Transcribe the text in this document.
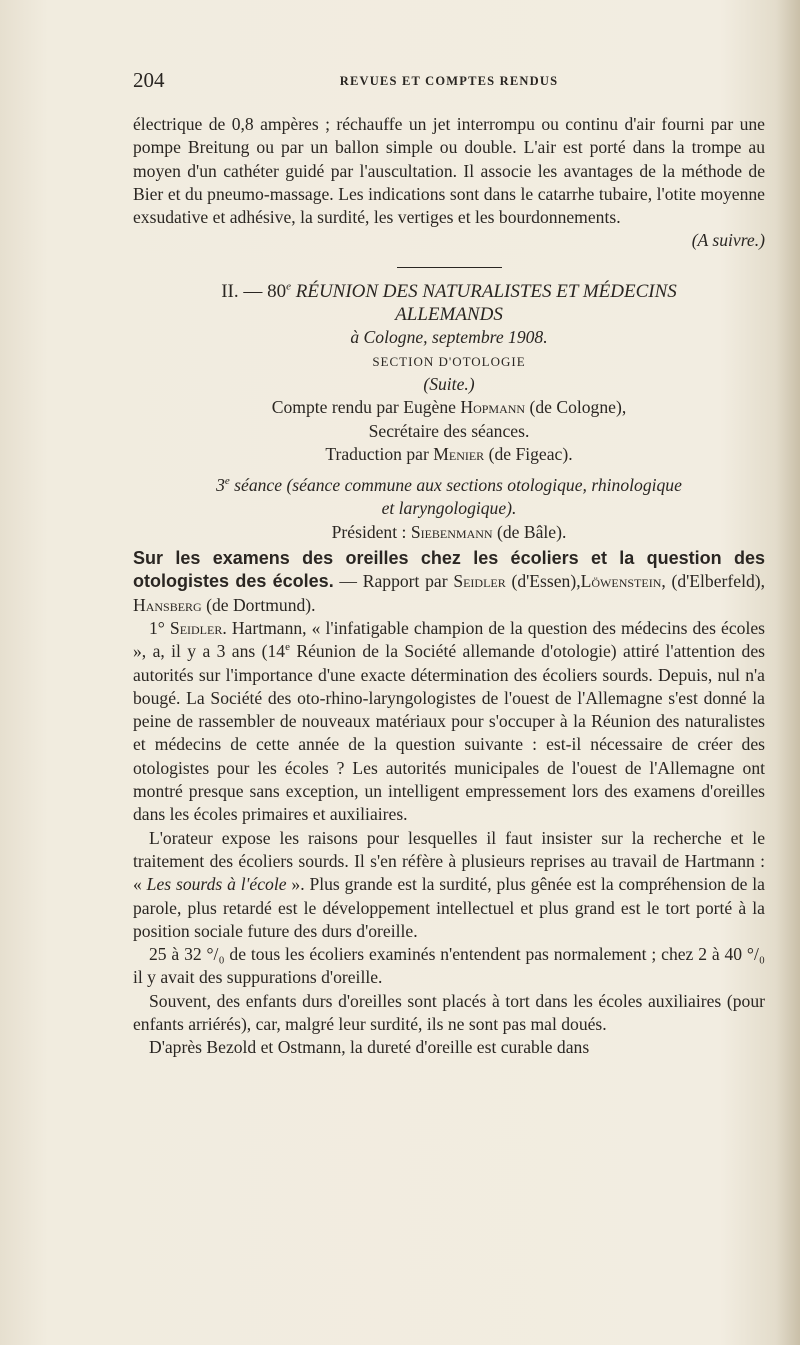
204	REVUES ET COMPTES RENDUS

électrique de 0,8 ampères ; réchauffe un jet interrompu ou continu d'air fourni par une pompe Breitung ou par un ballon simple ou double. L'air est porté dans la trompe au moyen d'un cathéter guidé par l'auscultation. Il associe les avantages de la méthode de Bier et du pneumo-massage. Les indications sont dans le catarrhe tubaire, l'otite moyenne exsudative et adhésive, la surdité, les vertiges et les bourdonnements.

(A suivre.)

II. — 80e RÉUNION DES NATURALISTES ET MÉDECINS

ALLEMANDS

à Cologne, septembre 1908.

SECTION D'OTOLOGIE

(Suite.)

Compte rendu par Eugène Hopmann (de Cologne),

Secrétaire des séances.

Traduction par Menier (de Figeac).

3e séance (séance commune aux sections otologique, rhinologique

et laryngologique).

Président : Siebenmann (de Bâle).

Sur les examens des oreilles chez les écoliers et la question des otologistes des écoles. — Rapport par Seidler (d'Essen),Löwenstein, (d'Elberfeld), Hansberg (de Dortmund).

1° Seidler. Hartmann, « l'infatigable champion de la question des médecins des écoles », a, il y a 3 ans (14e Réunion de la Société allemande d'otologie) attiré l'attention des autorités sur l'importance d'une exacte détermination des écoliers sourds. Depuis, nul n'a bougé. La Société des oto-rhino-laryngologistes de l'ouest de l'Allemagne s'est donné la peine de rassembler de nouveaux matériaux pour s'occuper à la Réunion des naturalistes et médecins de cette année de la question suivante : est-il nécessaire de créer des otologistes pour les écoles ? Les autorités municipales de l'ouest de l'Allemagne ont montré presque sans exception, un intelligent empressement lors des examens d'oreilles dans les écoles primaires et auxiliaires.

L'orateur expose les raisons pour lesquelles il faut insister sur la recherche et le traitement des écoliers sourds. Il s'en réfère à plusieurs reprises au travail de Hartmann : « Les sourds à l'école ». Plus grande est la surdité, plus gênée est la compréhension de la parole, plus retardé est le développement intellectuel et plus grand est le tort porté à la position sociale future des durs d'oreille.

25 à 32 °/₀ de tous les écoliers examinés n'entendent pas normalement ; chez 2 à 40 °/₀ il y avait des suppurations d'oreille.

Souvent, des enfants durs d'oreilles sont placés à tort dans les écoles auxiliaires (pour enfants arriérés), car, malgré leur surdité, ils ne sont pas mal doués.

D'après Bezold et Ostmann, la dureté d'oreille est curable dans
